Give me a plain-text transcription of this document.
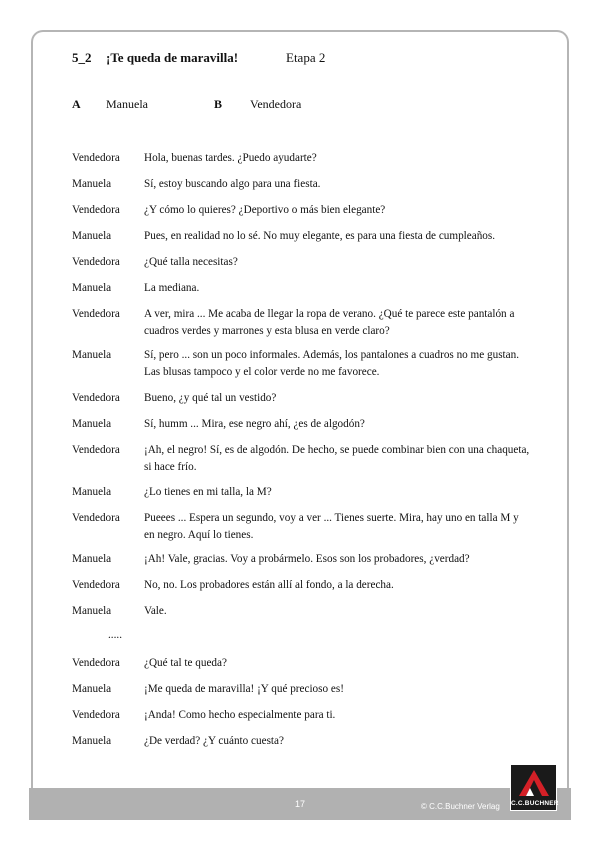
5_2 ¡Te queda de maravilla!	Etapa 2
A Manuela	B Vendedora
Vendedora Hola, buenas tardes. ¿Puedo ayudarte?
Manuela	Sí, estoy buscando algo para una fiesta.
Vendedora ¿Y cómo lo quieres? ¿Deportivo o más bien elegante?
Manuela	Pues, en realidad no lo sé. No muy elegante, es para una fiesta de cumpleaños.
Vendedora ¿Qué talla necesitas?
Manuela	La mediana.
Vendedora A ver, mira ... Me acaba de llegar la ropa de verano. ¿Qué te parece este pantalón a cuadros verdes y marrones y esta blusa en verde claro?
Manuela	Sí, pero ... son un poco informales. Además, los pantalones a cuadros no me gustan. Las blusas tampoco y el color verde no me favorece.
Vendedora Bueno, ¿y qué tal un vestido?
Manuela	Sí, humm ... Mira, ese negro ahí, ¿es de algodón?
Vendedora ¡Ah, el negro! Sí, es de algodón. De hecho, se puede combinar bien con una chaqueta, si hace frío.
Manuela	¿Lo tienes en mi talla, la M?
Vendedora Pueees ... Espera un segundo, voy a ver ... Tienes suerte. Mira, hay uno en talla M y en negro. Aquí lo tienes.
Manuela	¡Ah! Vale, gracias. Voy a probármelo. Esos son los probadores, ¿verdad?
Vendedora No, no. Los probadores están allí al fondo, a la derecha.
Manuela	Vale.
.....
Vendedora ¿Qué tal te queda?
Manuela	¡Me queda de maravilla! ¡Y qué precioso es!
Vendedora ¡Anda! Como hecho especialmente para ti.
Manuela	¿De verdad? ¿Y cuánto cuesta?
17	© C.C.Buchner Verlag C.C.BUCHNER
